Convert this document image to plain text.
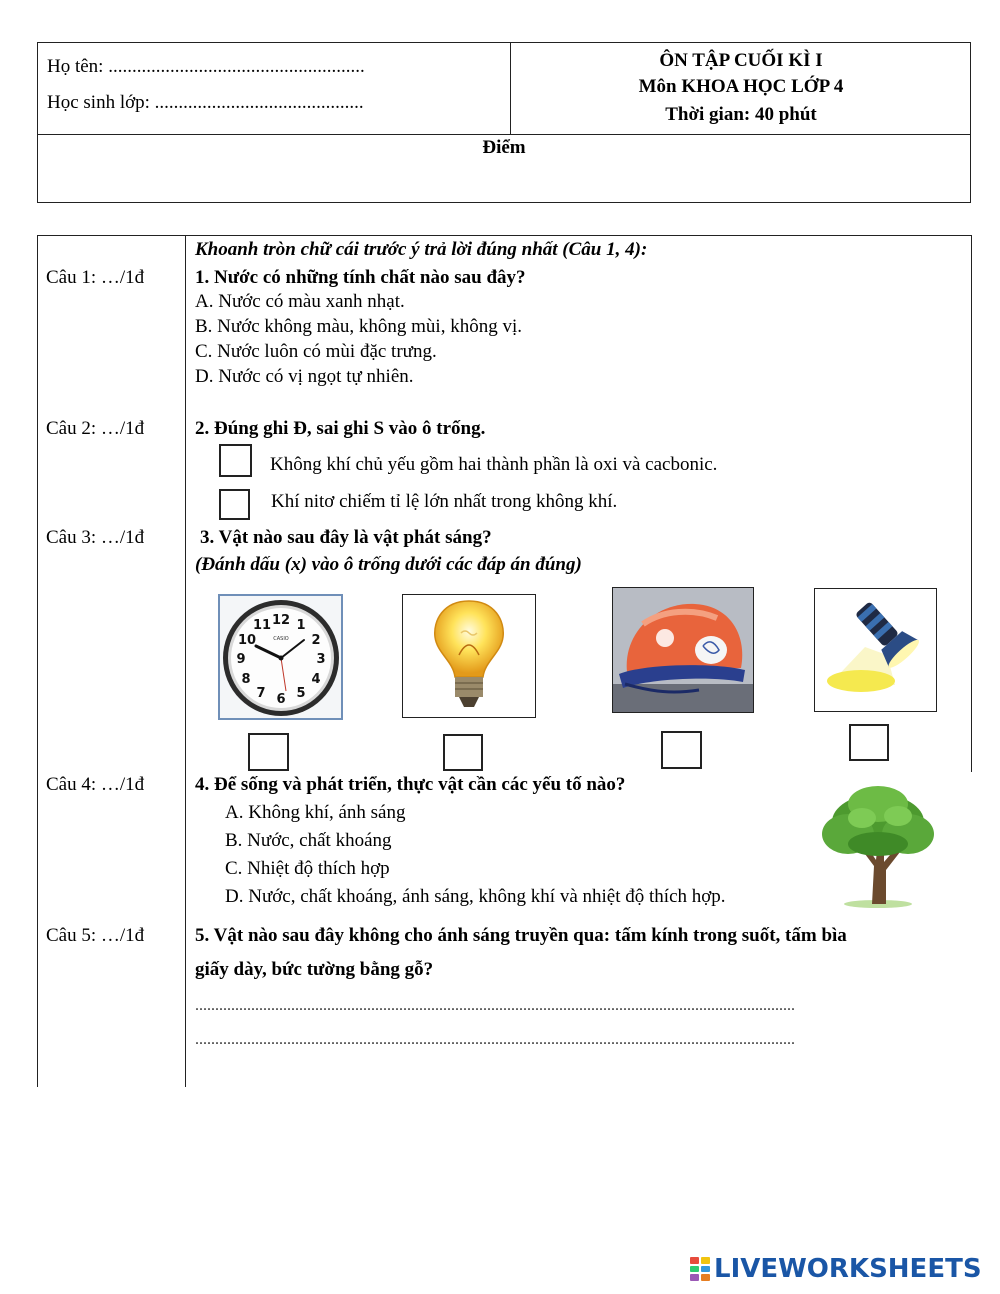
Họ tên: ......................................................
Học sinh lớp: ............................................
ÔN TẬP CUỐI KÌ I
Môn KHOA HỌC LỚP 4
Thời gian: 40 phút
Điểm
Khoanh tròn chữ cái trước ý trả lời đúng nhất (Câu 1, 4):
Câu 1: …/1đ	1. Nước có những tính chất nào sau đây?
A. Nước có màu xanh nhạt.
B. Nước không màu, không mùi, không vị.
C. Nước luôn có mùi đặc trưng.
D. Nước có vị ngọt tự nhiên.
Câu 2: …/1đ	2. Đúng ghi Đ, sai ghi S vào ô trống.
Không khí chủ yếu gồm hai thành phần là oxi và cacbonic.
Khí nitơ chiếm tỉ lệ lớn nhất trong không khí.
Câu 3: …/1đ	3. Vật nào sau đây là vật phát sáng?
(Đánh dấu (x) vào ô trống dưới các đáp án đúng)
12 1
2
3
4
5
6
7
8
9
10
11
CASIO
Câu 4: …/1đ	4. Để sống và phát triển, thực vật cần các yếu tố nào?
A. Không khí, ánh sáng
B. Nước, chất khoáng
C. Nhiệt độ thích hợp
D. Nước, chất khoáng, ánh sáng, không khí và nhiệt độ thích hợp.
Câu 5: …/1đ	5. Vật nào sau đây không cho ánh sáng truyền qua: tấm kính trong suốt, tấm bìa
giấy dày, bức tường bằng gỗ?
......................................................................................................................................................
......................................................................................................................................................
LIVEWORKSHEETS
